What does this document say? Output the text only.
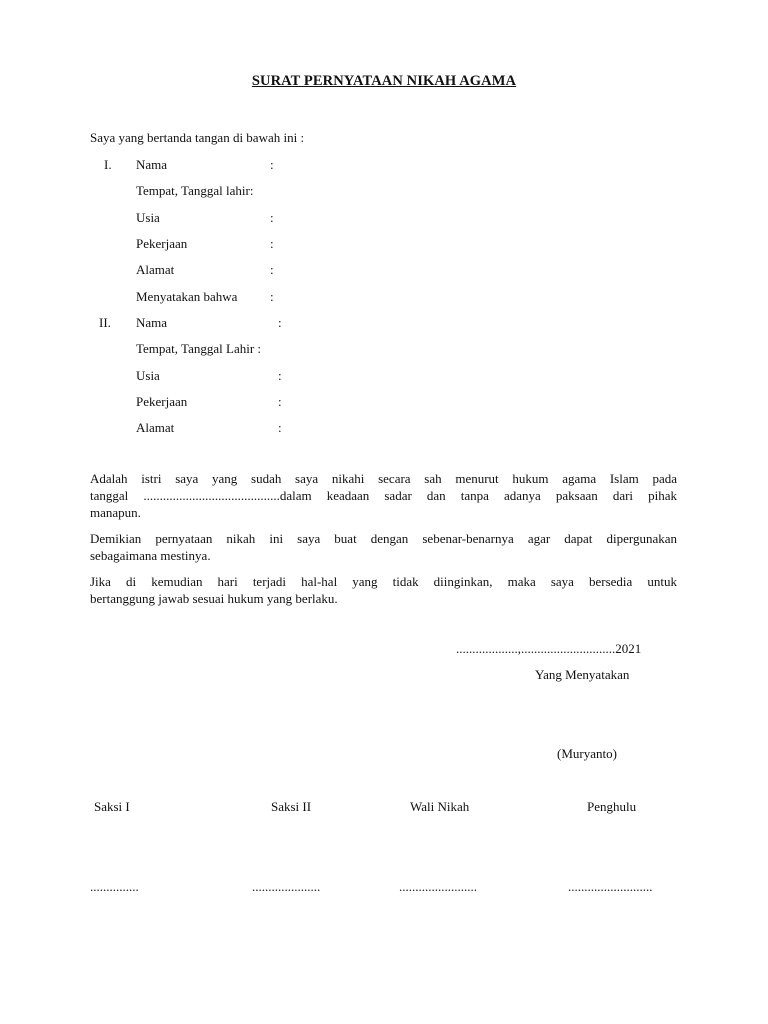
SURAT PERNYATAAN NIKAH AGAMA
Saya yang bertanda tangan di bawah ini :
I. Nama	:
Tempat, Tanggal lahir:
Usia	:
Pekerjaan	:
Alamat	:
Menyatakan bahwa	:
II. Nama	:
Tempat, Tanggal Lahir :
Usia	:
Pekerjaan	:
Alamat	:
Adalah istri saya yang sudah saya nikahi secara sah menurut hukum agama Islam pada
tanggal ..........................................dalam keadaan sadar dan tanpa adanya paksaan dari pihak
manapun.
Demikian pernyataan nikah ini saya buat dengan sebenar-benarnya agar dapat dipergunakan
sebagaimana mestinya.
Jika di kemudian hari terjadi hal-hal yang tidak diinginkan, maka saya bersedia untuk
bertanggung jawab sesuai hukum yang berlaku.
...................,.............................2021
Yang Menyatakan
(Muryanto)
Saksi I	Saksi II	Wali Nikah	Penghulu
...............	.....................	........................	..........................
